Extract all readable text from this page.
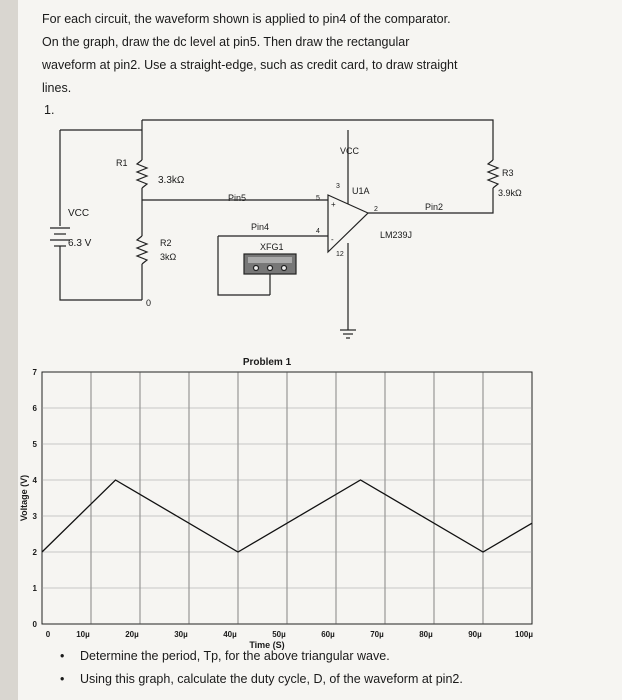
For each circuit, the waveform shown is applied to pin4 of the comparator.
On the graph, draw the dc level at pin5. Then draw the rectangular
waveform at pin2. Use a straight-edge, such as credit card, to draw straight
lines.
1.
R1
3.3kΩ
VCC
6.3 V	R2
3kΩ
0
Pin5
Pin4
XFG1
VCC
U1A
LM239J
Pin2
R3
3.9kΩ
3
5
4
2
12
+
-
Problem 1
Time (S)
Voltage (V)
0	10µ	20µ	30µ	40µ	50µ	60µ	70µ	80µ	90µ	100µ
0
1
2
3
4
5
6
7
• Determine the period, Tp, for the above triangular wave.
• Using this graph, calculate the duty cycle, D, of the waveform at pin2.
